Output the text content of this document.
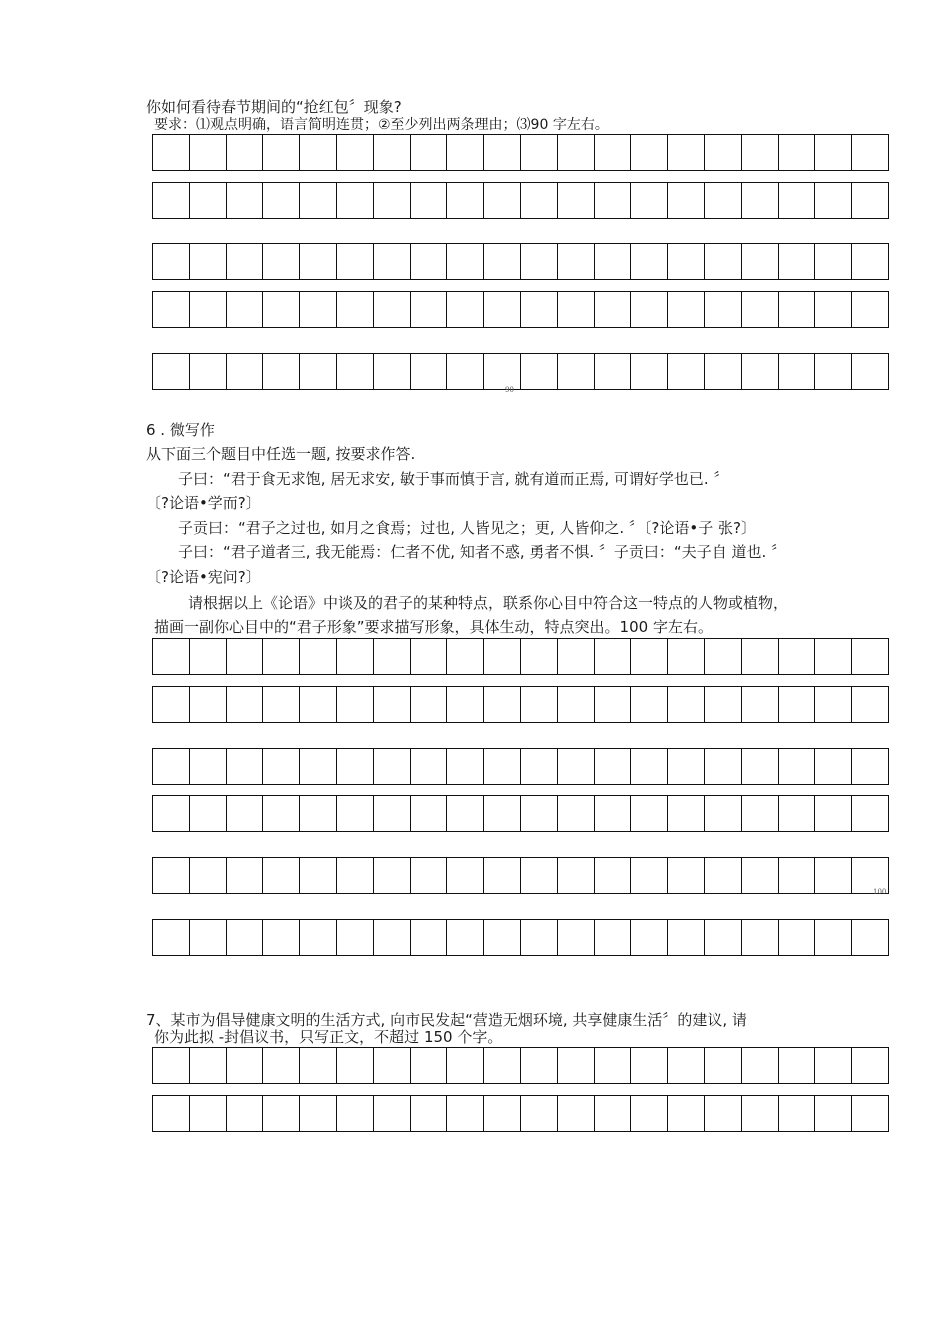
你如何看待春节期间的“抢红包〞现象?
要求：⑴观点明确，语言简明连贯；②至少列出两条理由；⑶90 字左右。
90
6 . 微写作
从下面三个题目中任选一题, 按要求作答.
子曰：“君于食无求饱, 居无求安, 敏于事而慎于言, 就有道而正焉, 可谓好学也已. 〞
〔?论语•学而?〕
子贡曰：“君子之过也, 如月之食焉；过也, 人皆见之；更, 人皆仰之. 〞〔?论语•子 张?〕
子曰：“君子道者三, 我无能焉：仁者不优, 知者不惑, 勇者不惧. 〞子贡曰：“夫子自 道也. 〞
〔?论语•宪问?〕
请根据以上《论语》中谈及的君子的某种特点，联系你心目中符合这一特点的人物或植物，
描画一副你心目中的“君子形象”要求描写形象，具体生动，特点突出。100 字左右。
100
7、某市为倡导健康文明的生活方式, 向市民发起“营造无烟环境, 共享健康生活〞的建议, 请
你为此拟 -封倡议书，只写正文，不超过 150 个字。
